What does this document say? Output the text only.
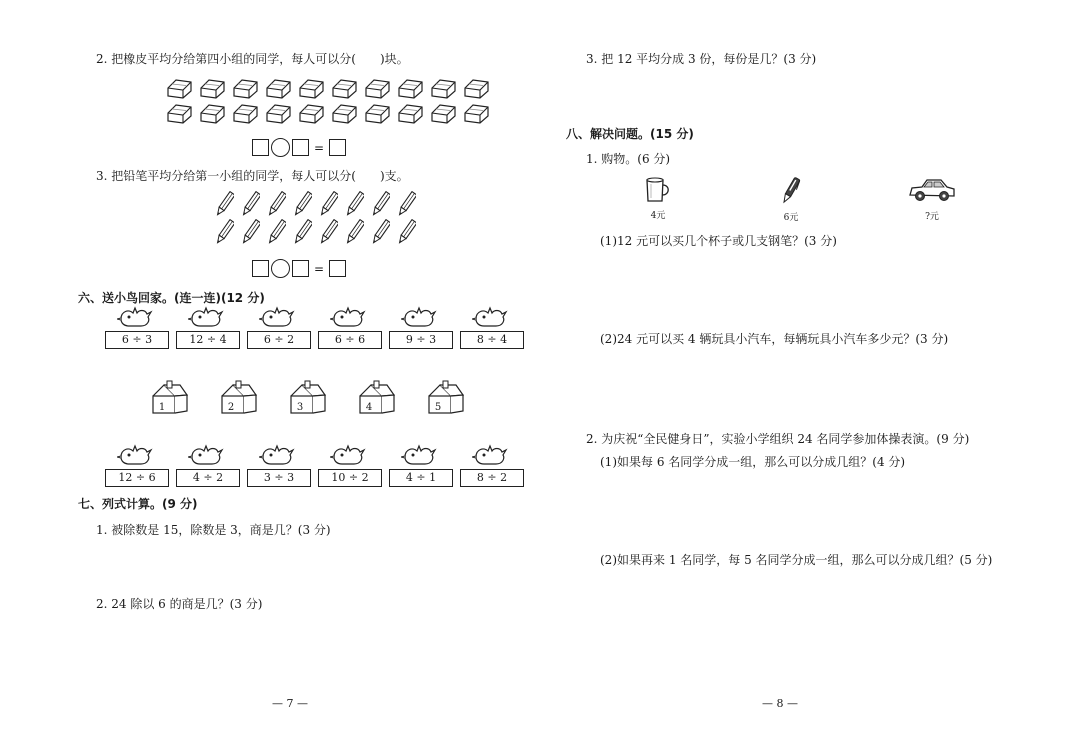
2. 把橡皮平均分给第四小组的同学，每人可以分(　　)块。
=
3. 把铅笔平均分给第一小组的同学，每人可以分(　　)支。
=
六、送小鸟回家。(连一连)(12 分)
6 ÷ 3	12 ÷ 4	6 ÷ 2	6 ÷ 6	9 ÷ 3	8 ÷ 4
1	2	3	4	5
12 ÷ 6	4 ÷ 2	3 ÷ 3	10 ÷ 2	4 ÷ 1	8 ÷ 2
七、列式计算。(9 分)
1. 被除数是 15，除数是 3，商是几？(3 分)
2. 24 除以 6 的商是几？(3 分)
— 7 —
3. 把 12 平均分成 3 份，每份是几？(3 分)
八、解决问题。(15 分)
1. 购物。(6 分)
4元	6元	?元
(1)12 元可以买几个杯子或几支钢笔？(3 分)
(2)24 元可以买 4 辆玩具小汽车，每辆玩具小汽车多少元？(3 分)
2. 为庆祝“全民健身日”，实验小学组织 24 名同学参加体操表演。(9 分)
(1)如果每 6 名同学分成一组，那么可以分成几组？(4 分)
(2)如果再来 1 名同学，每 5 名同学分成一组，那么可以分成几组？(5 分)
— 8 —
